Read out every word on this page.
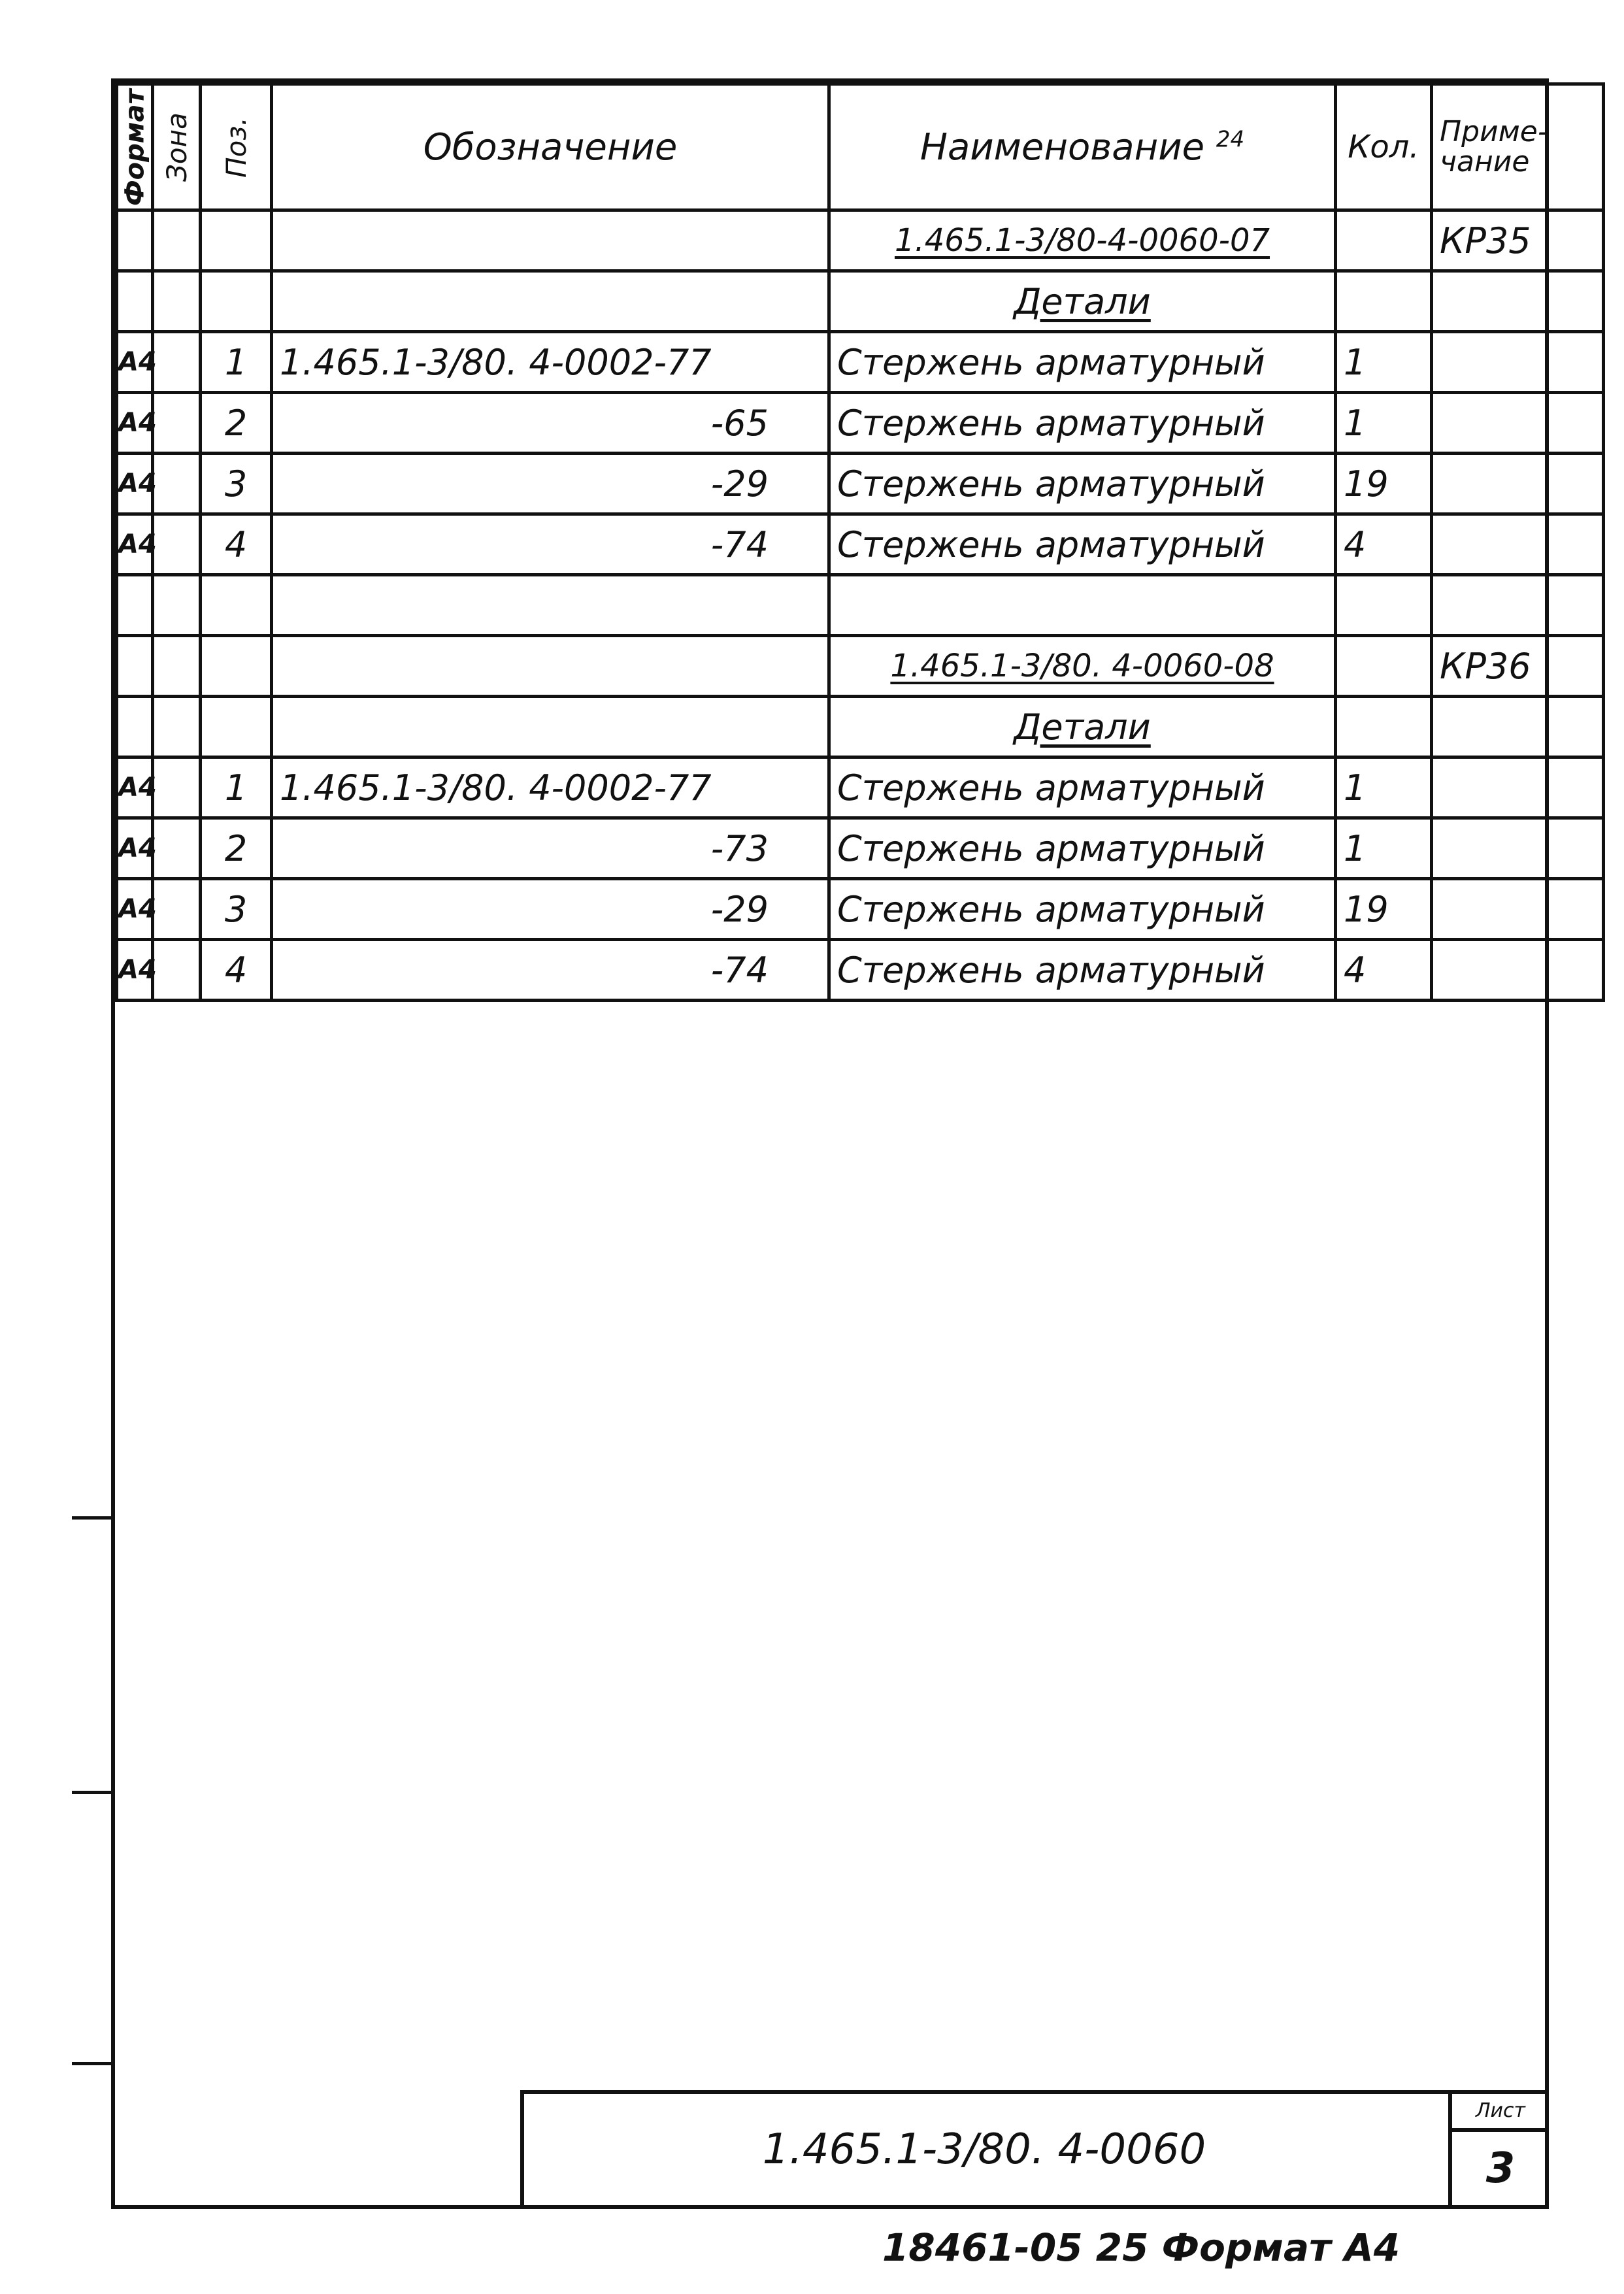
Формат	Зона	Поз.	Обозначение	Наименование $^{24}$	Кол.	Приме-чание
				1.465.1-3/80-4-0060-07		КР35
				Детали		
А4		1	1.465.1-3/80. 4-0002-77	Стержень арматурный	1	
А4		2	-65	Стержень арматурный	1	
А4		3	-29	Стержень арматурный	19	
А4		4	-74	Стержень арматурный	4	

				1.465.1-3/80. 4-0060-08		КР36
				Детали		
А4		1	1.465.1-3/80. 4-0002-77	Стержень арматурный	1	
А4		2	-73	Стержень арматурный	1	
А4		3	-29	Стержень арматурный	19	
А4		4	-74	Стержень арматурный	4	
1.465.1-3/80. 4-0060
Лист
3
18461-05 25 Формат А4
